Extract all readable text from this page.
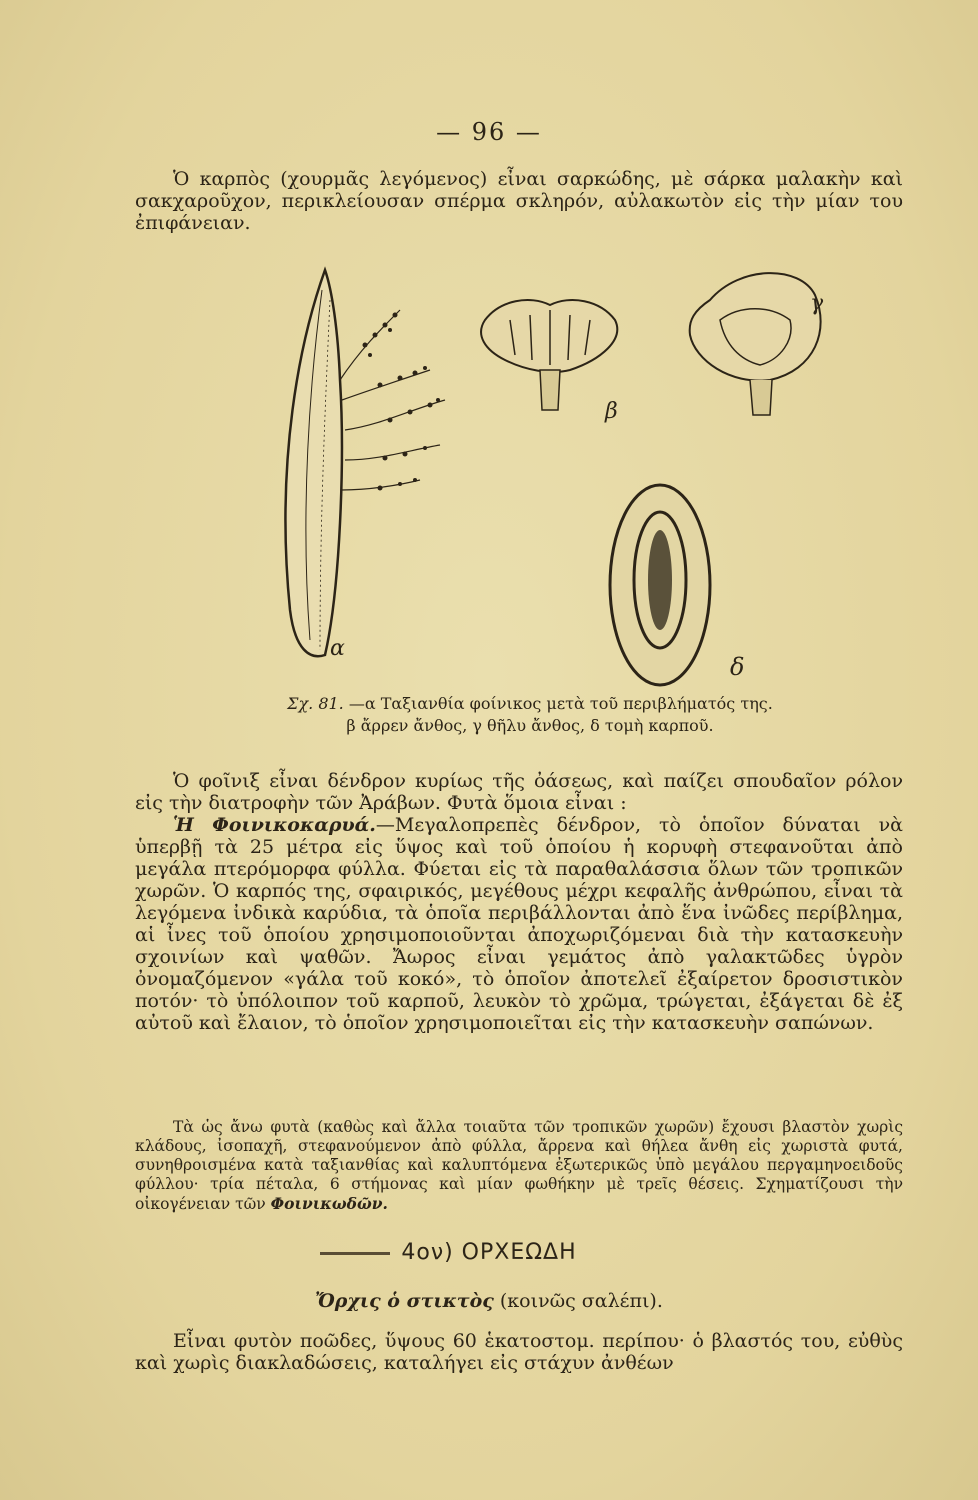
— 96 —

Ὁ καρπὸς (χουρμᾶς λεγόμενος) εἶναι σαρκώδης, μὲ σάρκα μαλακὴν καὶ σακχαροῦχον, περικλείουσαν σπέρμα σκληρόν, αὐλακωτὸν εἰς τὴν μίαν του ἐπιφάνειαν.

α
β
γ
δ
Σχ. 81. —α Ταξιανθία φοίνικος μετὰ τοῦ περιβλήματός της.
β ἄρρεν ἄνθος, γ θῆλυ ἄνθος, δ τομὴ καρποῦ.

Ὁ φοῖνιξ εἶναι δένδρον κυρίως τῆς ὀάσεως, καὶ παίζει σπουδαῖον ρόλον εἰς τὴν διατροφὴν τῶν Ἀράβων. Φυτὰ ὅμοια εἶναι :

Ἡ Φοινικοκαρυά.—Μεγαλοπρεπὲς δένδρον, τὸ ὁποῖον δύναται νὰ ὑπερβῇ τὰ 25 μέτρα εἰς ὕψος καὶ τοῦ ὁποίου ἡ κορυφὴ στεφανοῦται ἀπὸ μεγάλα πτερόμορφα φύλλα. Φύεται εἰς τὰ παραθαλάσσια ὅλων τῶν τροπικῶν χωρῶν. Ὁ καρπός της, σφαιρικός, μεγέθους μέχρι κεφαλῆς ἀνθρώπου, εἶναι τὰ λεγόμενα ἰνδικὰ καρύδια, τὰ ὁποῖα περιβάλλονται ἀπὸ ἕνα ἰνῶδες περίβλημα, αἱ ἶνες τοῦ ὁποίου χρησιμοποιοῦνται ἀποχωριζόμεναι διὰ τὴν κατασκευὴν σχοινίων καὶ ψαθῶν. Ἄωρος εἶναι γεμάτος ἀπὸ γαλακτῶδες ὑγρὸν ὀνομαζόμενον «γάλα τοῦ κοκό», τὸ ὁποῖον ἀποτελεῖ ἐξαίρετον δροσιστικὸν ποτόν· τὸ ὑπόλοιπον τοῦ καρποῦ, λευκὸν τὸ χρῶμα, τρώγεται, ἐξάγεται δὲ ἐξ αὐτοῦ καὶ ἔλαιον, τὸ ὁποῖον χρησιμοποιεῖται εἰς τὴν κατασκευὴν σαπώνων.

Τὰ ὡς ἄνω φυτὰ (καθὼς καὶ ἄλλα τοιαῦτα τῶν τροπικῶν χωρῶν) ἔχουσι βλαστὸν χωρὶς κλάδους, ἰσοπαχῆ, στεφανούμενον ἀπὸ φύλλα, ἄρρενα καὶ θήλεα ἄνθη εἰς χωριστὰ φυτά, συνηθροισμένα κατὰ ταξιανθίας καὶ καλυπτόμενα ἐξωτερικῶς ὑπὸ μεγάλου περγαμηνοειδοῦς φύλλου· τρία πέταλα, 6 στήμονας καὶ μίαν φωθήκην μὲ τρεῖς θέσεις. Σχηματίζουσι τὴν οἰκογένειαν τῶν Φοινικωδῶν.

4ον) ΟΡΧΕΩΔΗ
Ὄρχις ὁ στικτὸς (κοινῶς σαλέπι).

Εἶναι φυτὸν ποῶδες, ὕψους 60 ἑκατοστομ. περίπου· ὁ βλαστός του, εὐθὺς καὶ χωρὶς διακλαδώσεις, καταλήγει εἰς στάχυν ἀνθέων
